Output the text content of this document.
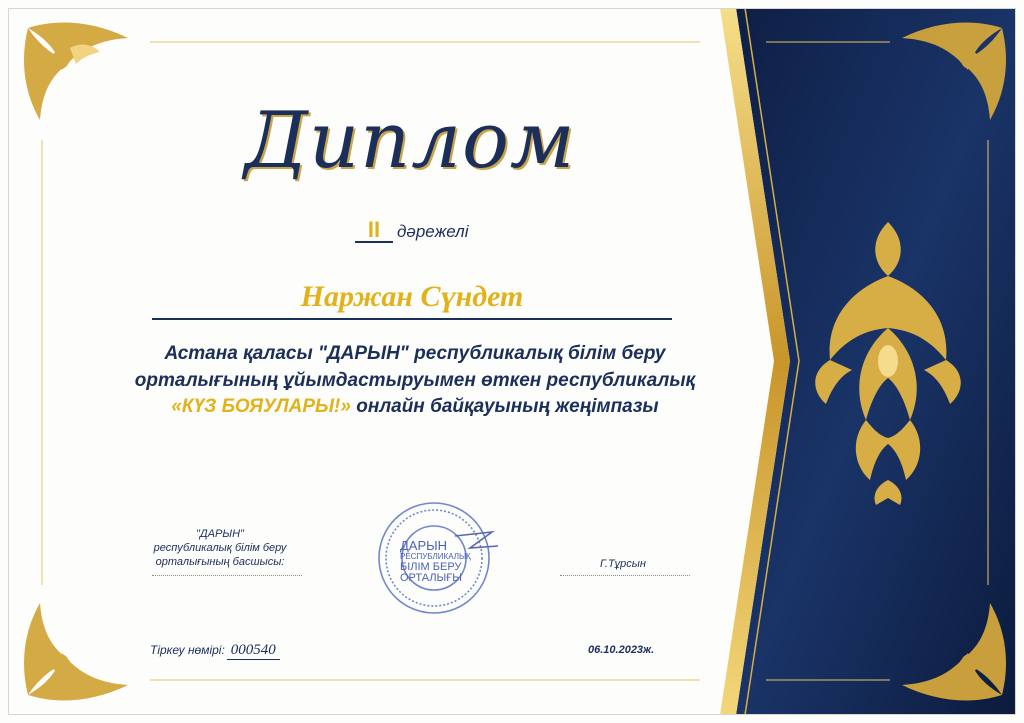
Диплом
II дәрежелі
Наржан Сүндет
Астана қаласы "ДАРЫН" республикалық білім беру
орталығының ұйымдастыруымен өткен республикалық
«КҮЗ БОЯУЛАРЫ!» онлайн байқауының жеңімпазы
"ДАРЫН"
республикалық білім беру
орталығының басшысы:	Г.Тұрсын
ДАРЫН
РЕСПУБЛИКАЛЫҚ
БІЛІМ БЕРУ
ОРТАЛЫҒЫ
Тіркеу нөмірі: 000540	06.10.2023ж.
